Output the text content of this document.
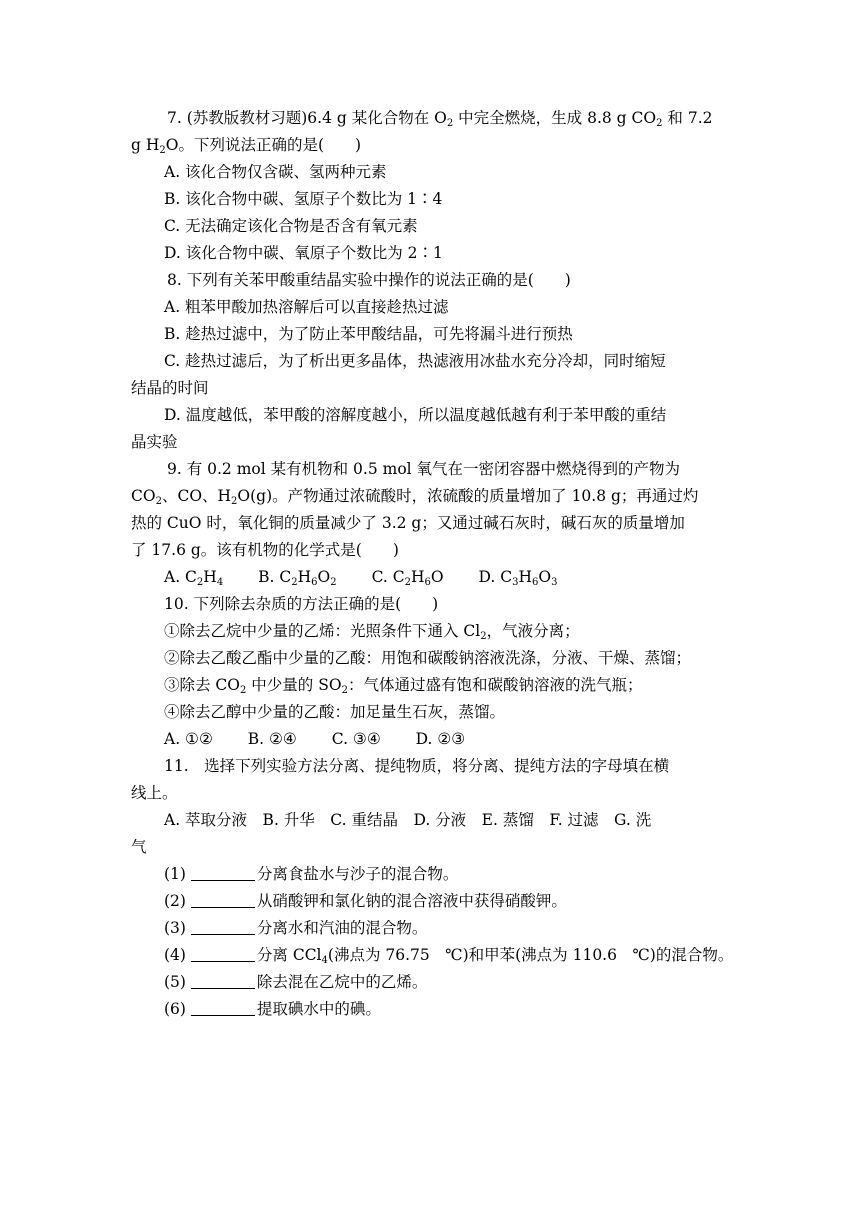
7. (苏教版教材习题)6.4 g 某化合物在 $O_2$ 中完全燃烧，生成 8.8 g $CO_2$ 和 7.2
g $H_2O$。下列说法正确的是(　　)
A. 该化合物仅含碳、氢两种元素
B. 该化合物中碳、氢原子个数比为 1∶4
C. 无法确定该化合物是否含有氧元素
D. 该化合物中碳、氧原子个数比为 2∶1
8. 下列有关苯甲酸重结晶实验中操作的说法正确的是(　　)
A. 粗苯甲酸加热溶解后可以直接趁热过滤
B. 趁热过滤中，为了防止苯甲酸结晶，可先将漏斗进行预热
C. 趁热过滤后，为了析出更多晶体，热滤液用冰盐水充分冷却，同时缩短
结晶的时间
D. 温度越低，苯甲酸的溶解度越小，所以温度越低越有利于苯甲酸的重结
晶实验
9. 有 0.2 mol 某有机物和 0.5 mol 氧气在一密闭容器中燃烧得到的产物为
$CO_2$、CO、$H_2O(g)$。产物通过浓硫酸时，浓硫酸的质量增加了 10.8 g；再通过灼
热的 CuO 时，氧化铜的质量减少了 3.2 g；又通过碱石灰时，碱石灰的质量增加
了 17.6 g。该有机物的化学式是(　　)
A. $C_2H_4$ B. $C_2H_6O_2$ C. $C_2H_6O$ D. $C_3H_6O_3$
10. 下列除去杂质的方法正确的是(　　)
①除去乙烷中少量的乙烯：光照条件下通入 $Cl_2$，气液分离；
②除去乙酸乙酯中少量的乙酸：用饱和碳酸钠溶液洗涤，分液、干燥、蒸馏；
③除去 $CO_2$ 中少量的 $SO_2$：气体通过盛有饱和碳酸钠溶液的洗气瓶；
④除去乙醇中少量的乙酸：加足量生石灰，蒸馏。
A. ①② B. ②④ C. ③④ D. ②③
11.　选择下列实验方法分离、提纯物质，将分离、提纯方法的字母填在横
线上。
A. 萃取分液　B. 升华　C. 重结晶　D. 分液　E. 蒸馏　F. 过滤　G. 洗
气
(1)	分离食盐水与沙子的混合物。
(2)	从硝酸钾和氯化钠的混合溶液中获得硝酸钾。
(3)	分离水和汽油的混合物。
(4)	分离 CCl$_4$(沸点为 76.75　℃)和甲苯(沸点为 110.6　℃)的混合物。
(5)	除去混在乙烷中的乙烯。
(6)	提取碘水中的碘。
